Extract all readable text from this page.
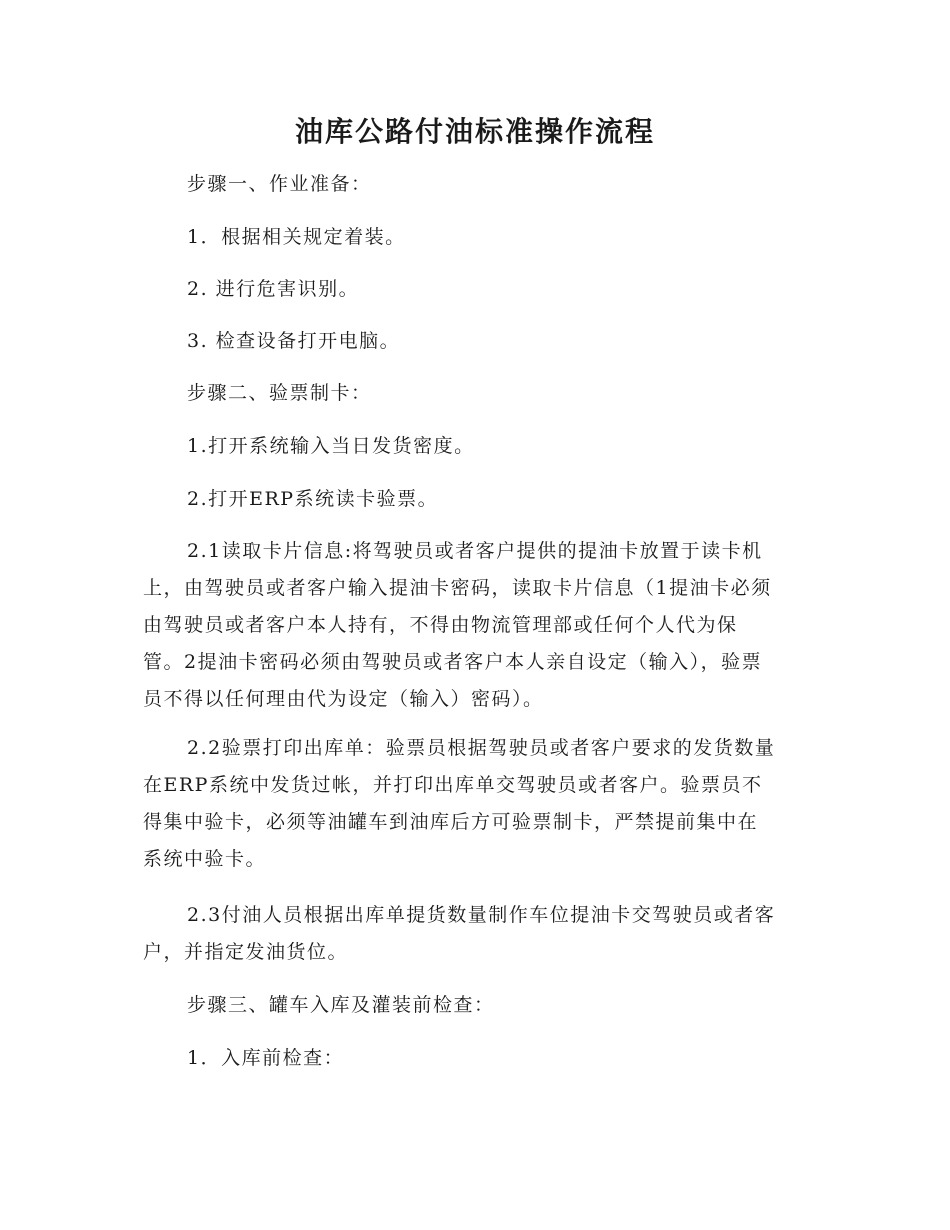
油库公路付油标准操作流程

步骤一、作业准备：

1．根据相关规定着装。

2. 进行危害识别。

3. 检查设备打开电脑。

步骤二、验票制卡：

1.打开系统输入当日发货密度。

2.打开ERP系统读卡验票。

2.1读取卡片信息:将驾驶员或者客户提供的提油卡放置于读卡机
上，由驾驶员或者客户输入提油卡密码，读取卡片信息（1提油卡必须
由驾驶员或者客户本人持有，不得由物流管理部或任何个人代为保
管。2提油卡密码必须由驾驶员或者客户本人亲自设定（输入），验票
员不得以任何理由代为设定（输入）密码）。
2.2验票打印出库单：验票员根据驾驶员或者客户要求的发货数量
在ERP系统中发货过帐，并打印出库单交驾驶员或者客户。验票员不
得集中验卡，必须等油罐车到油库后方可验票制卡，严禁提前集中在
系统中验卡。
2.3付油人员根据出库单提货数量制作车位提油卡交驾驶员或者客
户，并指定发油货位。

步骤三、罐车入库及灌装前检查：

1．入库前检查：
